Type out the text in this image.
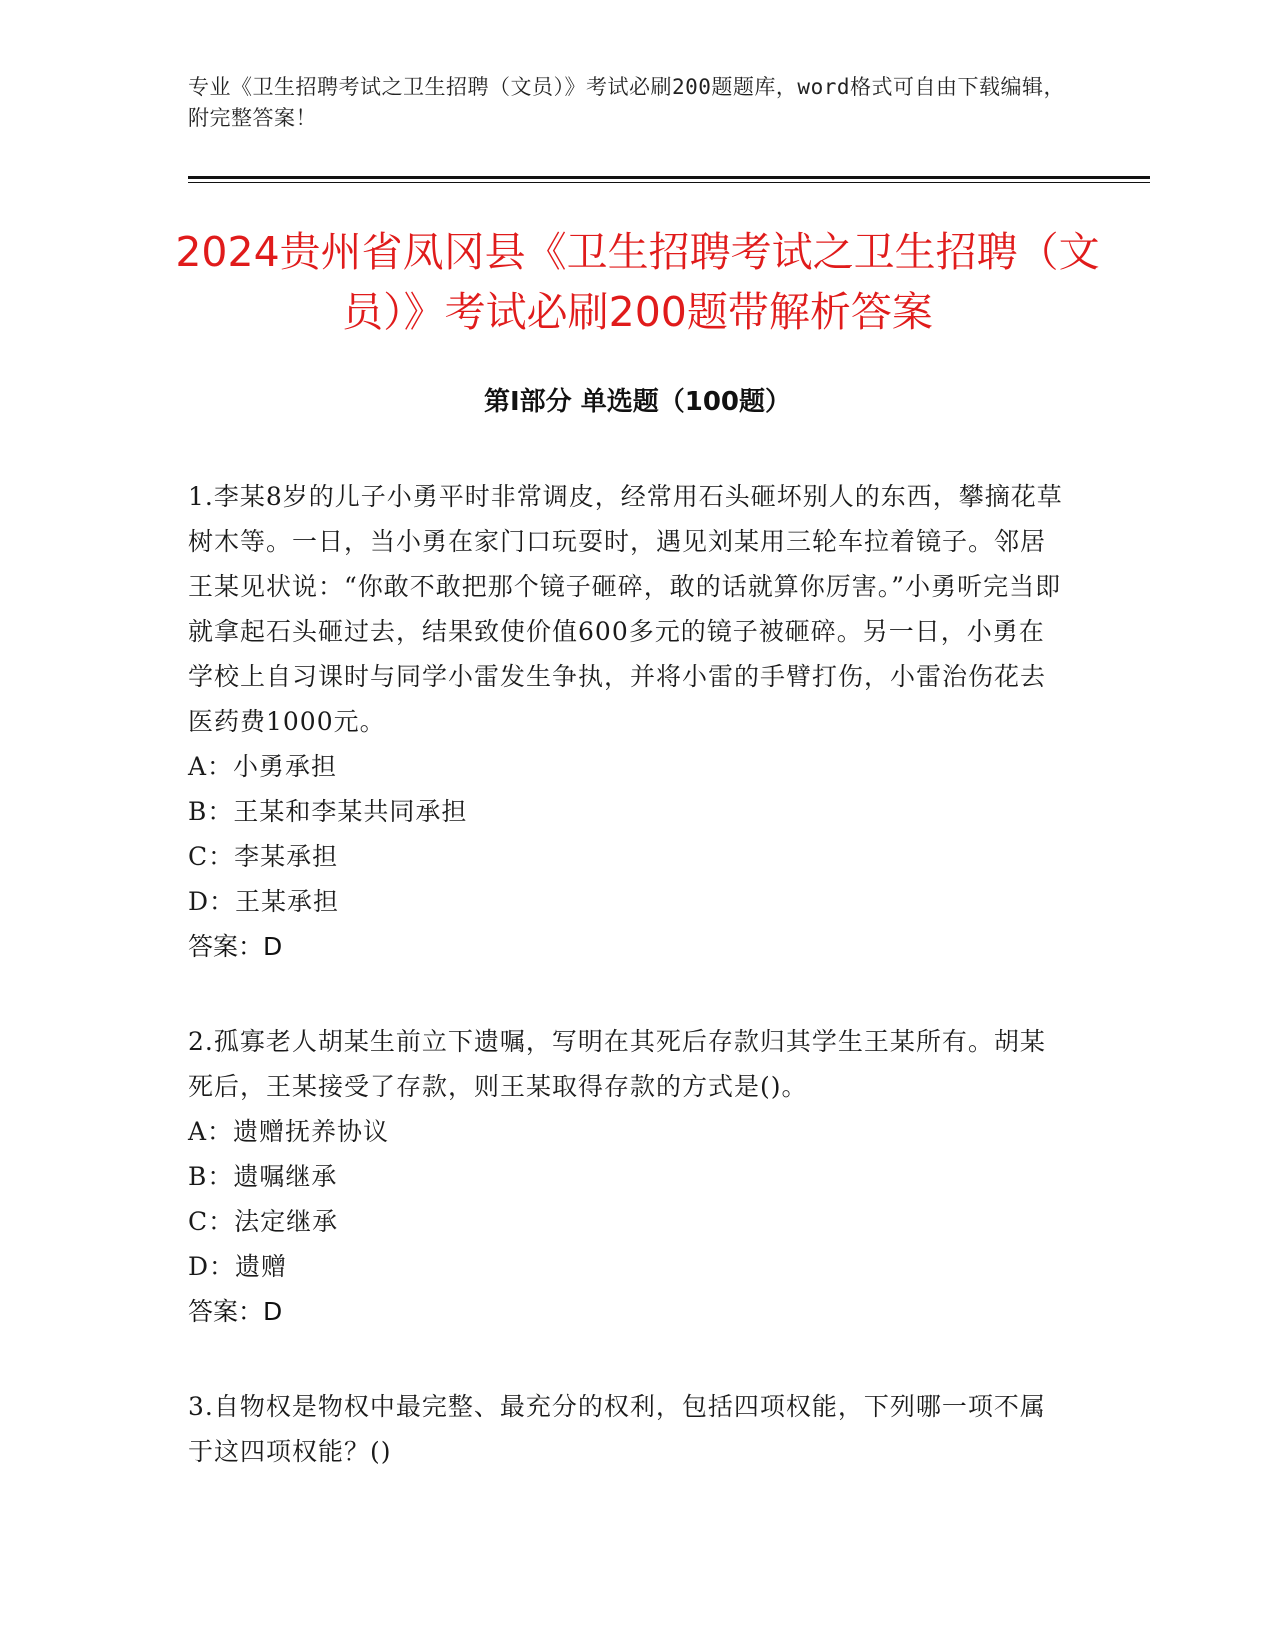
专业《卫生招聘考试之卫生招聘（文员）》考试必刷200题题库，word格式可自由下载编辑，附完整答案！
2024贵州省凤冈县《卫生招聘考试之卫生招聘（文员）》考试必刷200题带解析答案
第Ⅰ部分 单选题（100题）

1.李某8岁的儿子小勇平时非常调皮，经常用石头砸坏别人的东西，攀摘花草树木等。一日，当小勇在家门口玩耍时，遇见刘某用三轮车拉着镜子。邻居王某见状说：“你敢不敢把那个镜子砸碎，敢的话就算你厉害。”小勇听完当即就拿起石头砸过去，结果致使价值600多元的镜子被砸碎。另一日，小勇在学校上自习课时与同学小雷发生争执，并将小雷的手臂打伤，小雷治伤花去医药费1000元。

A：小勇承担

B：王某和李某共同承担

C：李某承担

D：王某承担

答案：D

2.孤寡老人胡某生前立下遗嘱，写明在其死后存款归其学生王某所有。胡某死后，王某接受了存款，则王某取得存款的方式是()。

A：遗赠抚养协议

B：遗嘱继承

C：法定继承

D：遗赠

答案：D

3.自物权是物权中最完整、最充分的权利，包括四项权能，下列哪一项不属于这四项权能？()
